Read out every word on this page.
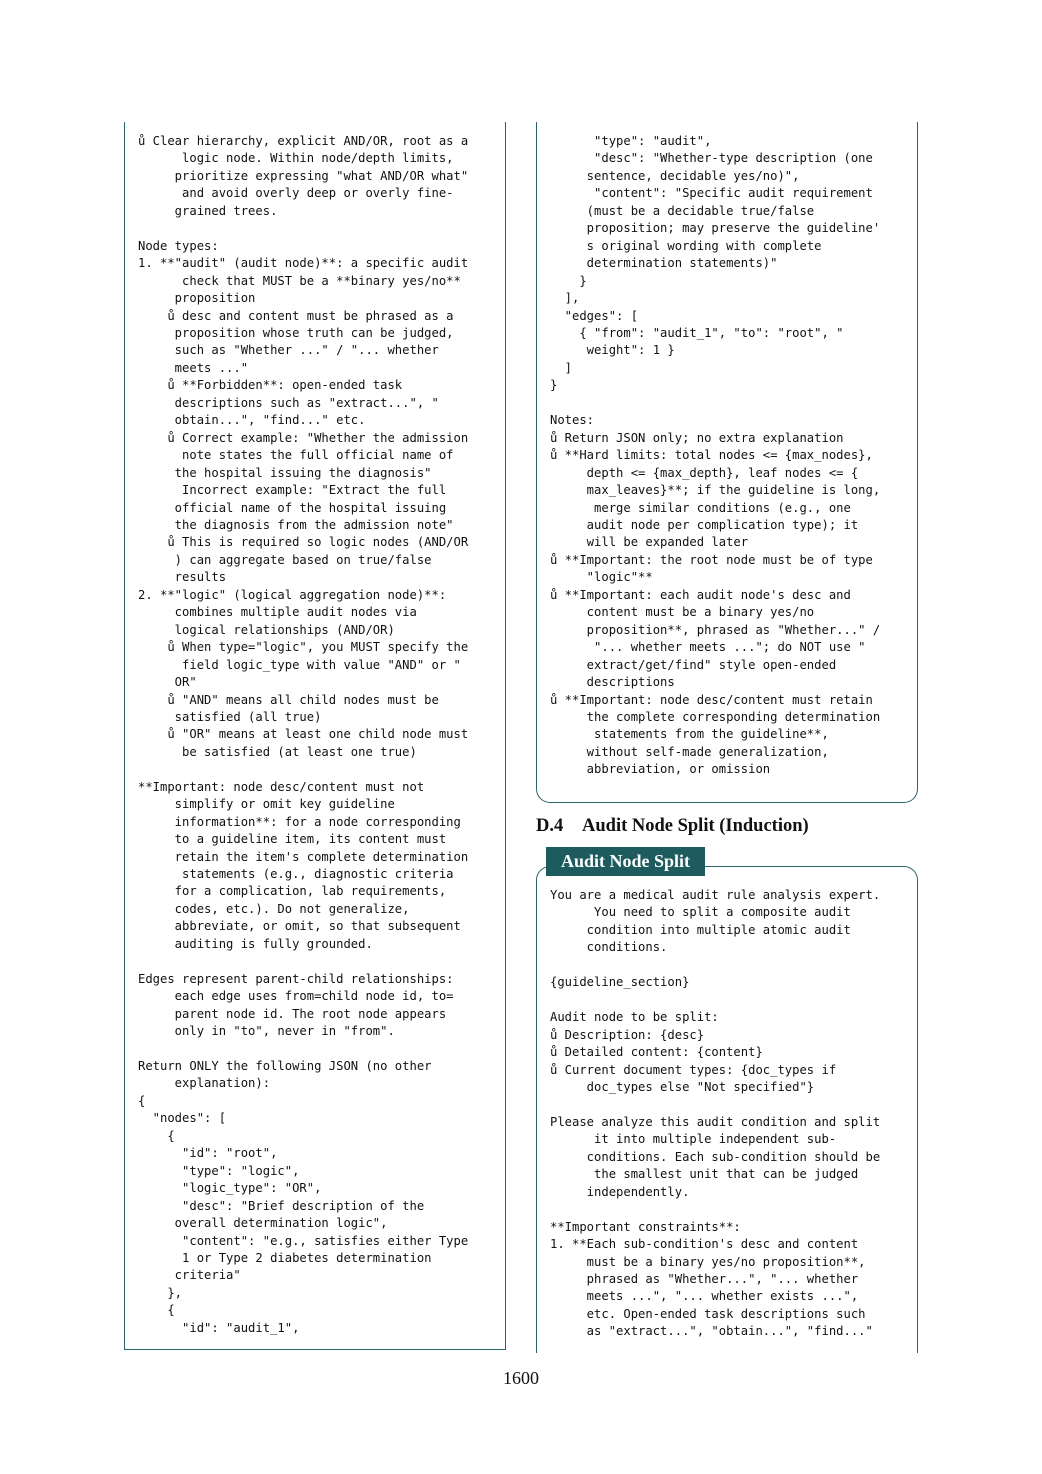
ů Clear hierarchy, explicit AND/OR, root as a
logic node. Within node/depth limits,
prioritize expressing "what AND/OR what"
and avoid overly deep or overly fine-
grained trees.

Node types:
1. **"audit" (audit node)**: a specific audit
check that MUST be a **binary yes/no**
proposition
ů desc and content must be phrased as a
proposition whose truth can be judged,
such as "Whether ..." / "... whether
meets ..."
ů **Forbidden**: open-ended task
descriptions such as "extract...", "
obtain...", "find..." etc.
ů Correct example: "Whether the admission
note states the full official name of
the hospital issuing the diagnosis"
Incorrect example: "Extract the full
official name of the hospital issuing
the diagnosis from the admission note"
ů This is required so logic nodes (AND/OR
) can aggregate based on true/false
results
2. **"logic" (logical aggregation node)**:
combines multiple audit nodes via
logical relationships (AND/OR)
ů When type="logic", you MUST specify the
field logic_type with value "AND" or "
OR"
ů "AND" means all child nodes must be
satisfied (all true)
ů "OR" means at least one child node must
be satisfied (at least one true)

**Important: node desc/content must not
simplify or omit key guideline
information**: for a node corresponding
to a guideline item, its content must
retain the item's complete determination
statements (e.g., diagnostic criteria
for a complication, lab requirements,
codes, etc.). Do not generalize,
abbreviate, or omit, so that subsequent
auditing is fully grounded.

Edges represent parent-child relationships:
each edge uses from=child node id, to=
parent node id. The root node appears
only in "to", never in "from".

Return ONLY the following JSON (no other
explanation):
{
"nodes": [
{
"id": "root",
"type": "logic",
"logic_type": "OR",
"desc": "Brief description of the
overall determination logic",
"content": "e.g., satisfies either Type
1 or Type 2 diabetes determination
criteria"
},
{
"id": "audit_1",
"type": "audit",
"desc": "Whether-type description (one
sentence, decidable yes/no)",
"content": "Specific audit requirement
(must be a decidable true/false
proposition; may preserve the guideline'
s original wording with complete
determination statements)"
}
],
"edges": [
{ "from": "audit_1", "to": "root", "
weight": 1 }
]
}

Notes:
ů Return JSON only; no extra explanation
ů **Hard limits: total nodes <= {max_nodes},
depth <= {max_depth}, leaf nodes <= {
max_leaves}**; if the guideline is long,
merge similar conditions (e.g., one
audit node per complication type); it
will be expanded later
ů **Important: the root node must be of type
"logic"**
ů **Important: each audit node's desc and
content must be a binary yes/no
proposition**, phrased as "Whether..." /
"... whether meets ..."; do NOT use "
extract/get/find" style open-ended
descriptions
ů **Important: node desc/content must retain
the complete corresponding determination
statements from the guideline**,
without self-made generalization,
abbreviation, or omission
D.4 Audit Node Split (Induction)
You are a medical audit rule analysis expert.
You need to split a composite audit
condition into multiple atomic audit
conditions.

{guideline_section}

Audit node to be split:
ů Description: {desc}
ů Detailed content: {content}
ů Current document types: {doc_types if
doc_types else "Not specified"}

Please analyze this audit condition and split
it into multiple independent sub-
conditions. Each sub-condition should be
the smallest unit that can be judged
independently.

**Important constraints**:
1. **Each sub-condition's desc and content
must be a binary yes/no proposition**,
phrased as "Whether...", "... whether
meets ...", "... whether exists ...",
etc. Open-ended task descriptions such
as "extract...", "obtain...", "find..."
Audit Node Split
1600
